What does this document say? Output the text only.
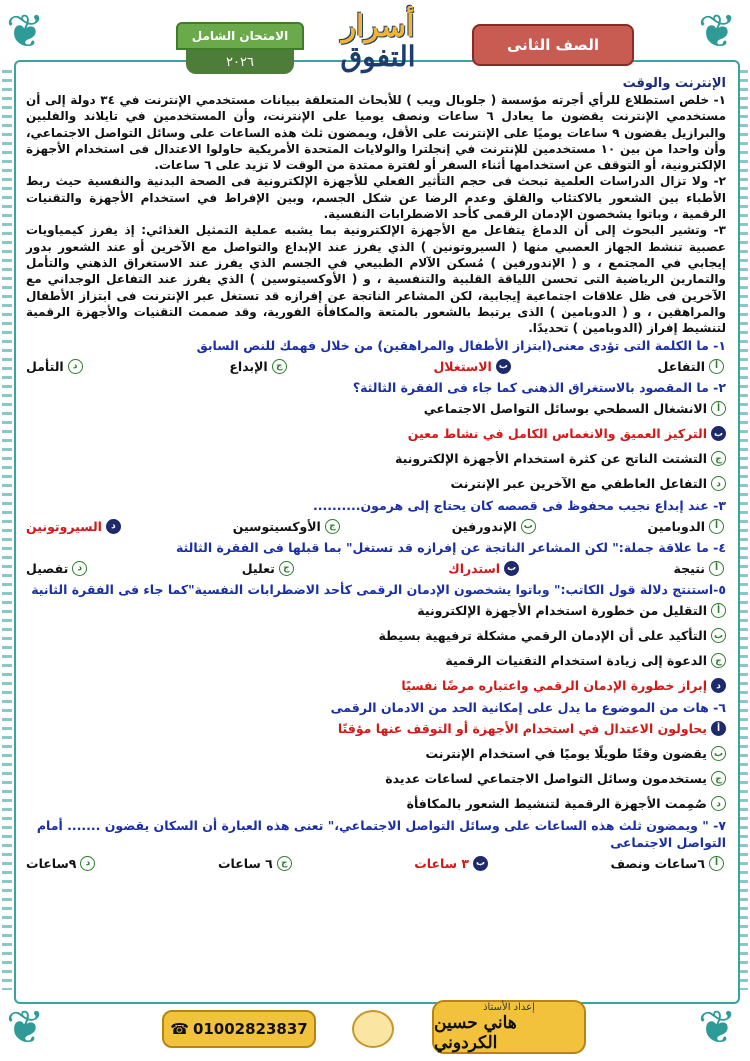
❦	❦
❦	❦
الصف الثانى
أسرار
التفوق
الامتحان الشامل
٢٠٢٦
الإنترنت والوقت

١- خلص استطلاع للرأي أجرته مؤسسة ( جلوبال ويب ) للأبحاث المتعلقة ببيانات مستخدمي الإنترنت في ٣٤ دولة إلى أن مستخدمي الإنترنت يقضون ما يعادل ٦ ساعات ونصف يوميا على الإنترنت، وأن المستخدمين في تايلاند والفلبين والبرازيل يقضون ٩ ساعات يوميًا على الإنترنت على الأقل، ويمضون ثلث هذه الساعات على وسائل التواصل الاجتماعي، وأن واحدا من بين ١٠ مستخدمين للإنترنت في إنجلترا والولايات المتحدة الأمريكية حاولوا الاعتدال فى استخدام الأجهزة الإلكترونية، أو التوقف عن استخدامها أثناء السفر أو لفترة ممتدة من الوقت لا تزيد على ٦ ساعات.

٢- ولا تزال الدراسات العلمية تبحث فى حجم التأثير الفعلي للأجهزة الإلكترونية فى الصحة البدنية والنفسية حيث ربط الأطباء بين الشعور بالاكتئاب والقلق وعدم الرضا عن شكل الجسم، وبين الإفراط في استخدام الأجهزة والتقنيات الرقمية ، وباتوا يشخصون الإدمان الرقمى كأحد الاضطرابات النفسية.

٣- وتشير البحوث إلى أن الدماغ يتفاعل مع الأجهزة الإلكترونية بما يشبه عملية التمثيل الغذائي: إذ يفرز كيمياويات عصبية تنشط الجهاز العصبي منها ( السيروتونين ) الذي يفرز عند الإبداع والتواصل مع الآخرين أو عند الشعور بدور إيجابي في المجتمع ، و ( الإندورفين ) مُسكن الآلام الطبيعي في الجسم الذي يفرز عند الاستغراق الذهني والتأمل والتمارين الرياضية التى تحسن اللياقة القلبية والتنفسية ، و ( الأوكسيتوسين ) الذي يفرز عند التفاعل الوجداني مع الآخرين فى ظل علاقات اجتماعية إيجابية، لكن المشاعر الناتجة عن إفرازه قد تستغل عبر الإنترنت فى ابتزاز الأطفال والمراهقين ، و ( الدوبامين ) الذى يرتبط بالشعور بالمتعة والمكافأة الفورية، وقد صممت التقنيات والأجهزة الرقمية لتنشيط إفراز (الدوبامين ) تحديدًا.

١- ما الكلمة التى تؤدى معنى(ابتزاز الأطفال والمراهقين) من خلال فهمك للنص السابق
أ
التفاعل
ب
الاستغلال
ج
الإبداع
د
التأمل
٢- ما المقصود بالاستغراق الذهنى كما جاء فى الفقرة الثالثة؟
أ
الانشغال السطحي بوسائل التواصل الاجتماعي
ب
التركيز العميق والانغماس الكامل في نشاط معين
ج
التشتت الناتج عن كثرة استخدام الأجهزة الإلكترونية
د
التفاعل العاطفي مع الآخرين عبر الإنترنت
٣- عند إبداع نجيب محفوظ فى قصصه كان يحتاج إلى هرمون..........
أ
الدوبامين
ب
الإندورفين
ج
الأوكسيتوسين
د
السيروتونين
٤- ما علاقة جملة:" لكن المشاعر الناتجة عن إفرازه قد تستغل" بما قبلها فى الفقرة الثالثة
أ
نتيجة
ب
استدراك
ج
تعليل
د
تفصيل
٥-استنتج دلالة قول الكاتب:" وباتوا يشخصون الإدمان الرقمى كأحد الاضطرابات النفسية"كما جاء فى الفقرة الثانية
أ
التقليل من خطورة استخدام الأجهزة الإلكترونية
ب
التأكيد على أن الإدمان الرقمي مشكلة ترفيهية بسيطة
ج
الدعوة إلى زيادة استخدام التقنيات الرقمية
د
إبراز خطورة الإدمان الرقمي واعتباره مرضًا نفسيًا
٦- هات من الموضوع ما يدل على إمكانية الحد من الادمان الرقمى
أ
يحاولون الاعتدال في استخدام الأجهزة أو التوقف عنها مؤقتًا
ب
يقضون وقتًا طويلًا يوميًا في استخدام الإنترنت
ج
يستخدمون وسائل التواصل الاجتماعي لساعات عديدة
د
صُمِمت الأجهزة الرقمية لتنشيط الشعور بالمكافأة
٧- " ويمضون ثلث هذه الساعات على وسائل التواصل الاجتماعي،" تعنى هذه العبارة أن السكان يقضون ....... أمام التواصل الاجتماعى
أ
٦ساعات ونصف
ب
٣ ساعات
ج
٦ ساعات
د
٩ساعات
☎ 01002823837
إعداد الأستاذ
هاني حسين الكردوني
